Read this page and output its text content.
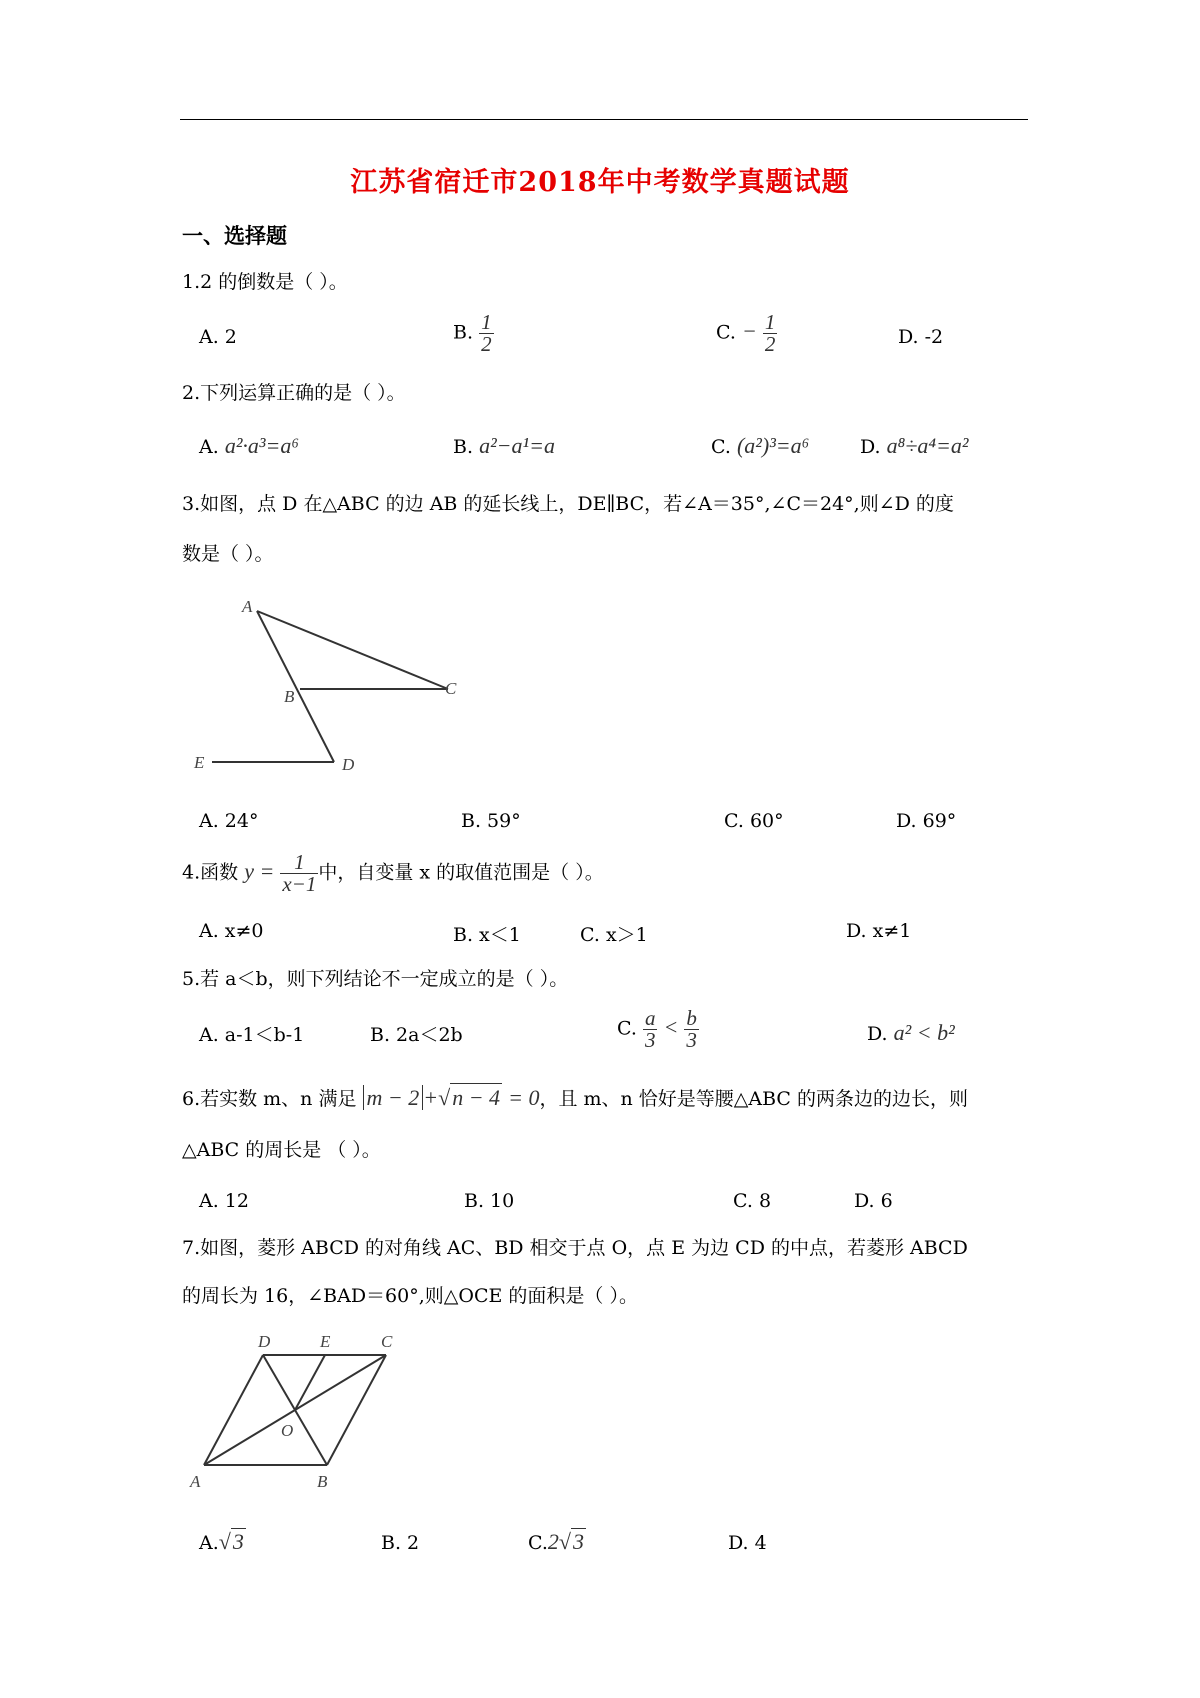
江苏省宿迁市2018年中考数学真题试题
一、选择题
1.2 的倒数是（ ）。
A. 2	B. $\frac{1}{2}$	C. − $\frac{1}{2}$	D. -2
2.下列运算正确的是（ ）。
A. a²·a³=a⁶	B. a²−a¹=a	C. (a²)³=a⁶	D. a⁸÷a⁴=a²
3.如图，点 D 在△ABC 的边 AB 的延长线上，DE∥BC，若∠A＝35°,∠C＝24°,则∠D 的度
数是（ ）。
A
B	C
E	D
A. 24°	B. 59°	C. 60°	D. 69°
4.函数 $y = \frac{1}{x-1}$ 中，自变量 x 的取值范围是（ ）。
A. x≠0	B. x＜1	C. x＞1	D. x≠1
5.若 a＜b，则下列结论不一定成立的是（ ）。
A. a-1＜b-1	B. 2a＜2b	C. $\frac{a}{3} < \frac{b}{3}$	D. a² < b²
6.若实数 m、n 满足 m − 2 + √ n − 4 = 0，且 m、n 恰好是等腰△ABC 的两条边的边长，则
△ABC 的周长是 （ ）。
A. 12	B. 10	C. 8	D. 6
7.如图，菱形 ABCD 的对角线 AC、BD 相交于点 O，点 E 为边 CD 的中点，若菱形 ABCD
的周长为 16，∠BAD＝60°,则△OCE 的面积是（ ）。
D	E	C
O
A	B
A. √ 3	B. 2	C.2 √ 3	D. 4
